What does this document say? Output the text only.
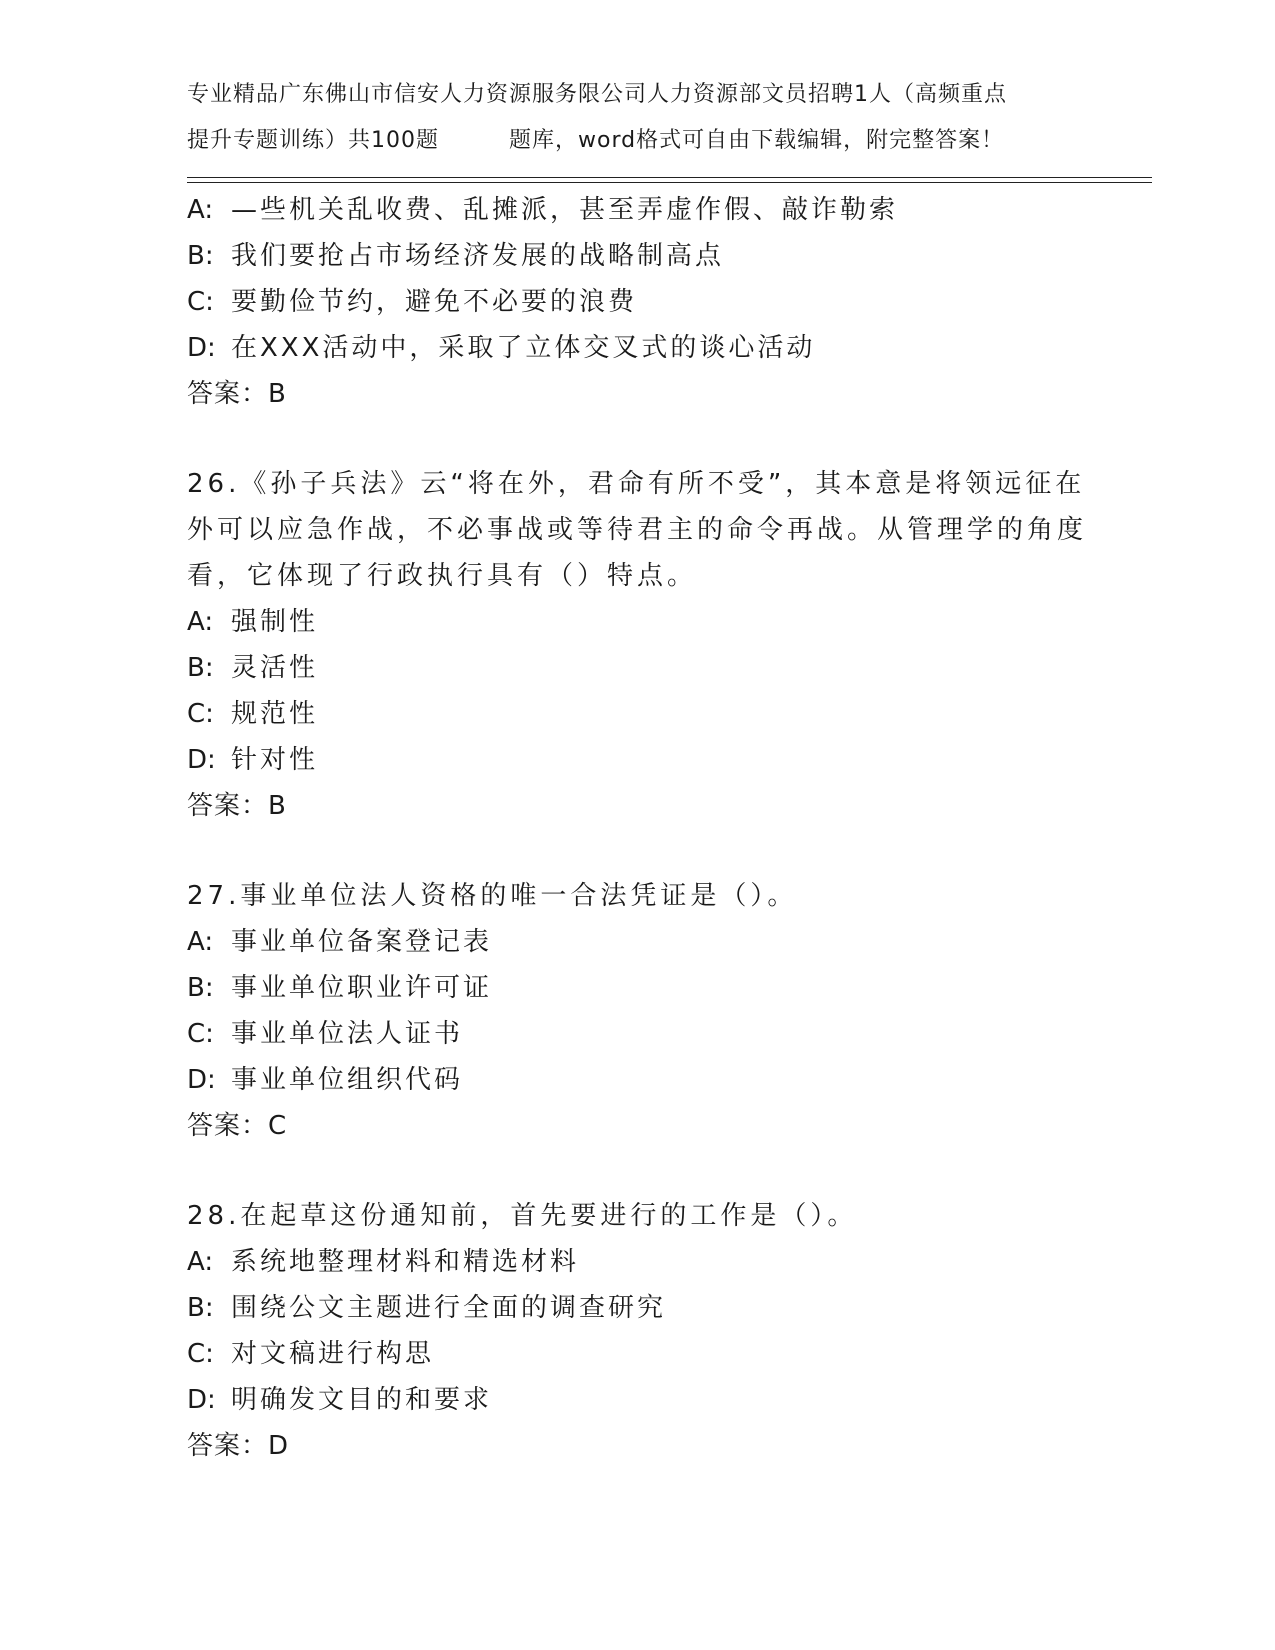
专业精品广东佛山市信安人力资源服务限公司人力资源部文员招聘1人（高频重点
提升专题训练）共100题	题库，word格式可自由下载编辑，附完整答案！
A: —些机关乱收费、乱摊派，甚至弄虚作假、敲诈勒索
B: 我们要抢占市场经济发展的战略制高点
C: 要勤俭节约，避免不必要的浪费
D: 在XXX活动中，采取了立体交叉式的谈心活动
答案：B
26.《孙子兵法》云“将在外，君命有所不受”，其本意是将领远征在
外可以应急作战，不必事战或等待君主的命令再战。从管理学的角度
看，它体现了行政执行具有（）特点。
A: 强制性
B: 灵活性
C: 规范性
D: 针对性
答案：B
27.事业单位法人资格的唯一合法凭证是（）。
A: 事业单位备案登记表
B: 事业单位职业许可证
C: 事业单位法人证书
D: 事业单位组织代码
答案：C
28.在起草这份通知前，首先要进行的工作是（）。
A: 系统地整理材料和精选材料
B: 围绕公文主题进行全面的调查研究
C: 对文稿进行构思
D: 明确发文目的和要求
答案：D
